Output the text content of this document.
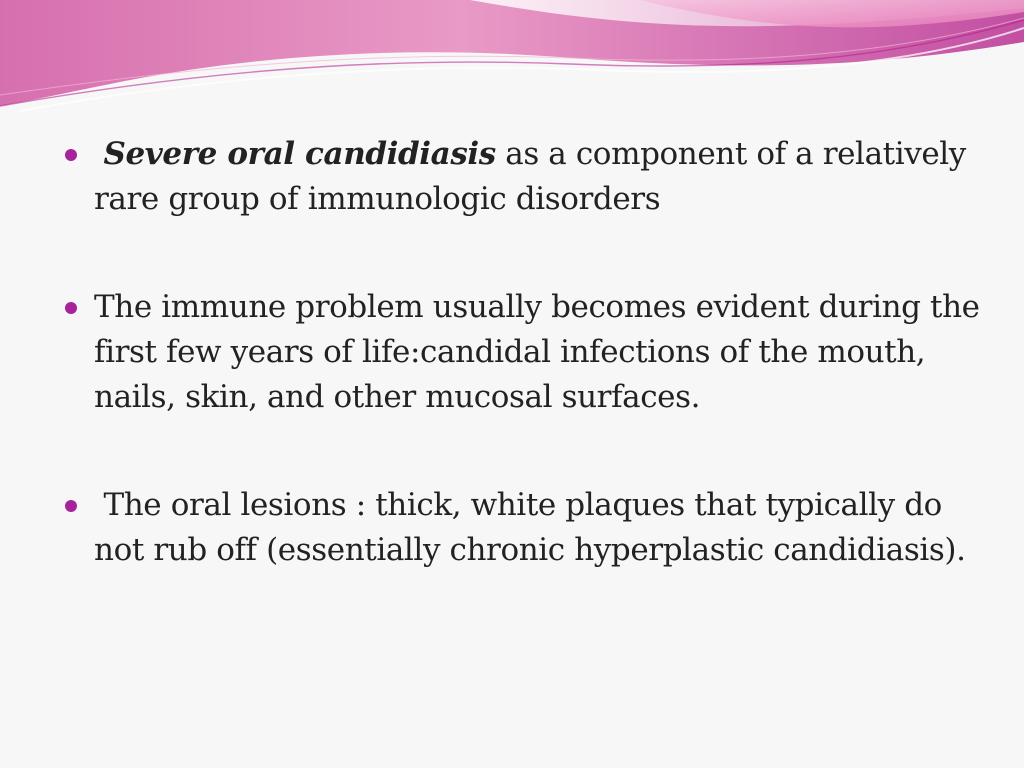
Severe oral candidiasis as a component of a relatively rare group of immunologic disorders
The immune problem usually becomes evident during the first few years of life:candidal infections of the mouth, nails, skin, and other mucosal surfaces.
The oral lesions : thick, white plaques that typically do not rub off (essentially chronic hyperplastic candidiasis).
